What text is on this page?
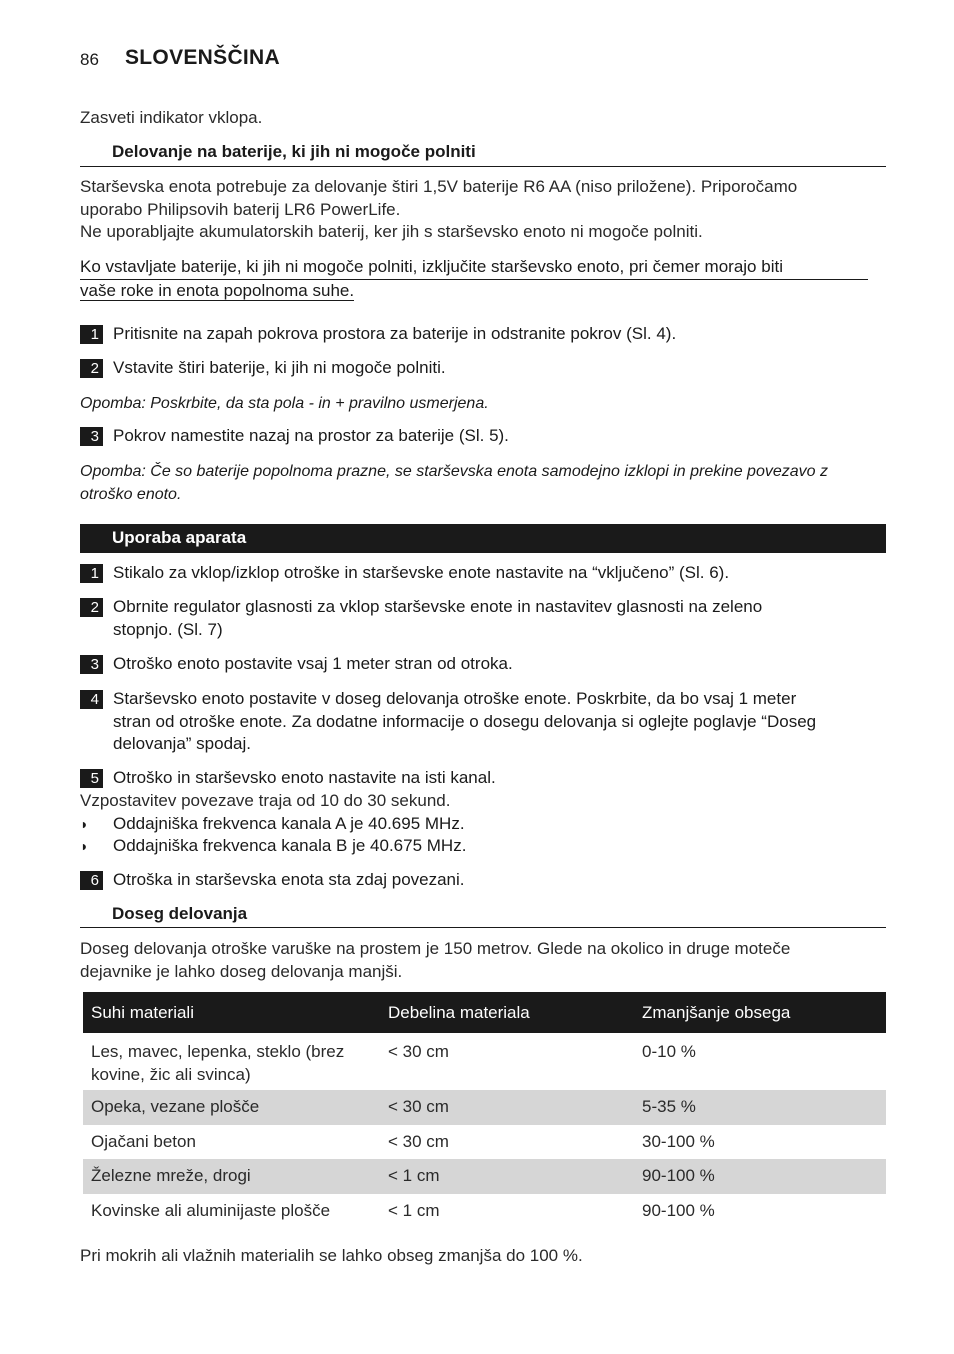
86 SLOVENŠČINA
Zasveti indikator vklopa.
Delovanje na baterije, ki jih ni mogoče polniti
Starševska enota potrebuje za delovanje štiri 1,5V baterije R6 AA (niso priložene). Priporočamo
uporabo Philipsovih baterij LR6 PowerLife.
Ne uporabljajte akumulatorskih baterij, ker jih s starševsko enoto ni mogoče polniti.
Ko vstavljate baterije, ki jih ni mogoče polniti, izključite starševsko enoto, pri čemer morajo biti
vaše roke in enota popolnoma suhe.
1 Pritisnite na zapah pokrova prostora za baterije in odstranite pokrov (Sl. 4).
2 Vstavite štiri baterije, ki jih ni mogoče polniti.
Opomba: Poskrbite, da sta pola - in + pravilno usmerjena.
3 Pokrov namestite nazaj na prostor za baterije (Sl. 5).
Opomba: Če so baterije popolnoma prazne, se starševska enota samodejno izklopi in prekine povezavo z
otroško enoto.
Uporaba aparata
1 Stikalo za vklop/izklop otroške in starševske enote nastavite na “vključeno” (Sl. 6).
2 Obrnite regulator glasnosti za vklop starševske enote in nastavitev glasnosti na zeleno
stopnjo. (Sl. 7)
3 Otroško enoto postavite vsaj 1 meter stran od otroka.
4 Starševsko enoto postavite v doseg delovanja otroške enote. Poskrbite, da bo vsaj 1 meter
stran od otroške enote. Za dodatne informacije o dosegu delovanja si oglejte poglavje “Doseg
delovanja” spodaj.
5 Otroško in starševsko enoto nastavite na isti kanal.
Vzpostavitev povezave traja od 10 do 30 sekund.
◗ Oddajniška frekvenca kanala A je 40.695 MHz.
◗ Oddajniška frekvenca kanala B je 40.675 MHz.
6 Otroška in starševska enota sta zdaj povezani.
Doseg delovanja
Doseg delovanja otroške varuške na prostem je 150 metrov. Glede na okolico in druge moteče
dejavnike je lahko doseg delovanja manjši.
Suhi materiali	Debelina materiala	Zmanjšanje obsega

Les, mavec, lepenka, steklo (brez
kovine, žic ali svinca)	< 30 cm	0-10 %
Opeka, vezane plošče	< 30 cm	5-35 %
Ojačani beton	< 30 cm	30-100 %
Železne mreže, drogi	< 1 cm	90-100 %
Kovinske ali aluminijaste plošče	< 1 cm	90-100 %
Pri mokrih ali vlažnih materialih se lahko obseg zmanjša do 100 %.
